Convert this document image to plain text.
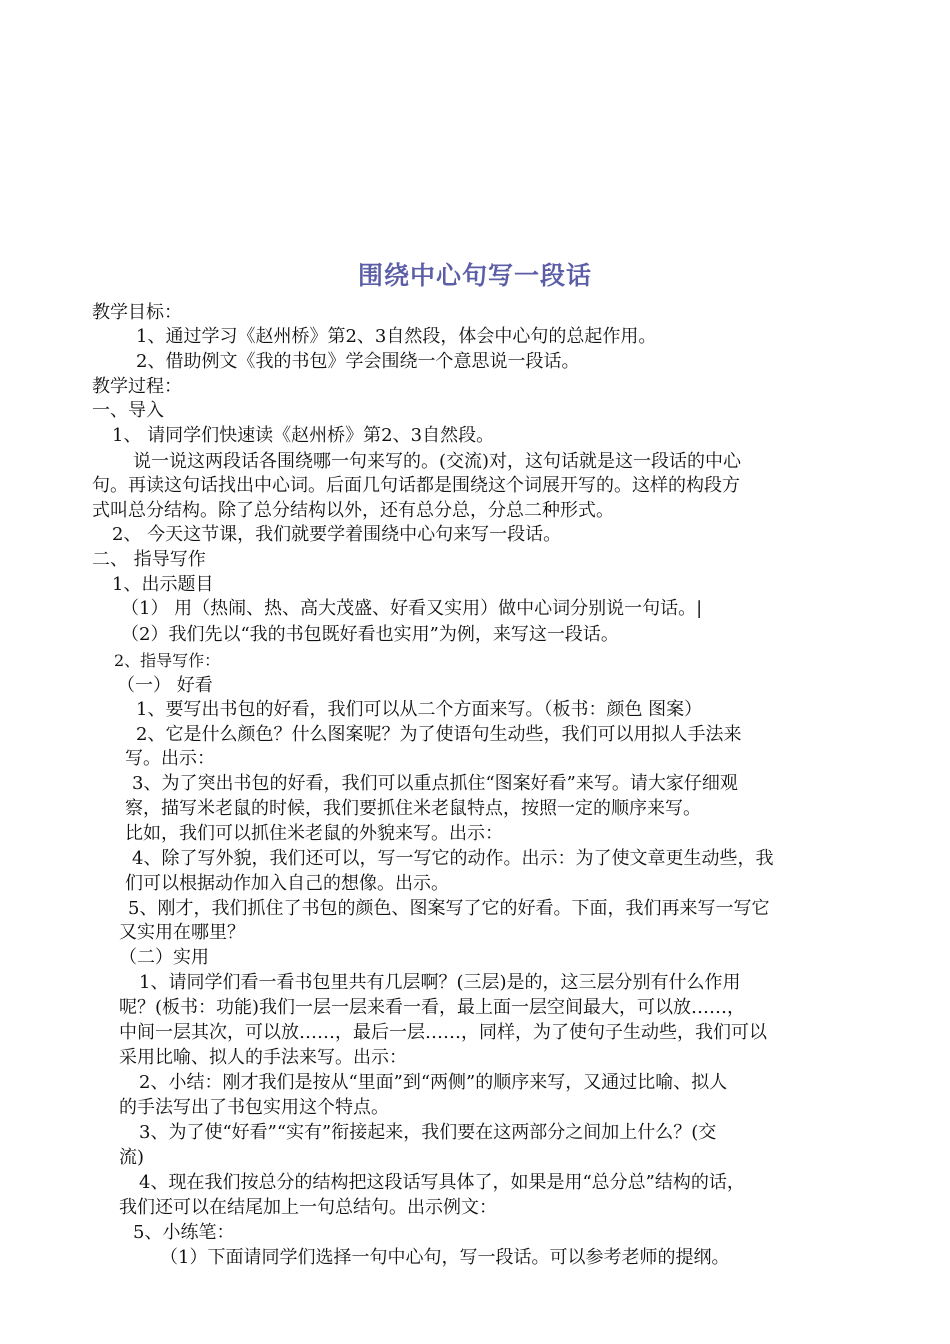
围绕中心句写一段话
教学目标：
1、通过学习《赵州桥》第2、3自然段，体会中心句的总起作用。
2、借助例文《我的书包》学会围绕一个意思说一段话。
教学过程：
一、导入
1、 请同学们快速读《赵州桥》第2、3自然段。
说一说这两段话各围绕哪一句来写的。(交流)对，这句话就是这一段话的中心
句。再读这句话找出中心词。后面几句话都是围绕这个词展开写的。这样的构段方
式叫总分结构。除了总分结构以外，还有总分总，分总二种形式。
2、 今天这节课，我们就要学着围绕中心句来写一段话。
二、 指导写作
1、出示题目
（1） 用（热闹、热、高大茂盛、好看又实用）做中心词分别说一句话。|
（2）我们先以“我的书包既好看也实用”为例，来写这一段话。
2、指导写作：
（一） 好看
1、要写出书包的好看，我们可以从二个方面来写。（板书：颜色 图案）
2、它是什么颜色？什么图案呢？为了使语句生动些，我们可以用拟人手法来
写。出示：
3、为了突出书包的好看，我们可以重点抓住“图案好看”来写。请大家仔细观
察，描写米老鼠的时候，我们要抓住米老鼠特点，按照一定的顺序来写。
比如，我们可以抓住米老鼠的外貌来写。出示：
4、除了写外貌，我们还可以，写一写它的动作。出示：为了使文章更生动些，我
们可以根据动作加入自己的想像。出示。
5、刚才，我们抓住了书包的颜色、图案写了它的好看。下面，我们再来写一写它
又实用在哪里？
（二）实用
1、请同学们看一看书包里共有几层啊？(三层)是的，这三层分别有什么作用
呢？(板书：功能)我们一层一层来看一看，最上面一层空间最大，可以放……，
中间一层其次，可以放……，最后一层……，同样，为了使句子生动些，我们可以
采用比喻、拟人的手法来写。出示：
2、小结：刚才我们是按从“里面”到“两侧”的顺序来写，又通过比喻、拟人
的手法写出了书包实用这个特点。
3、为了使“好看”“实有”衔接起来，我们要在这两部分之间加上什么？(交
流)
4、现在我们按总分的结构把这段话写具体了，如果是用“总分总”结构的话，
我们还可以在结尾加上一句总结句。出示例文：
5、小练笔：
（1）下面请同学们选择一句中心句，写一段话。可以参考老师的提纲。
